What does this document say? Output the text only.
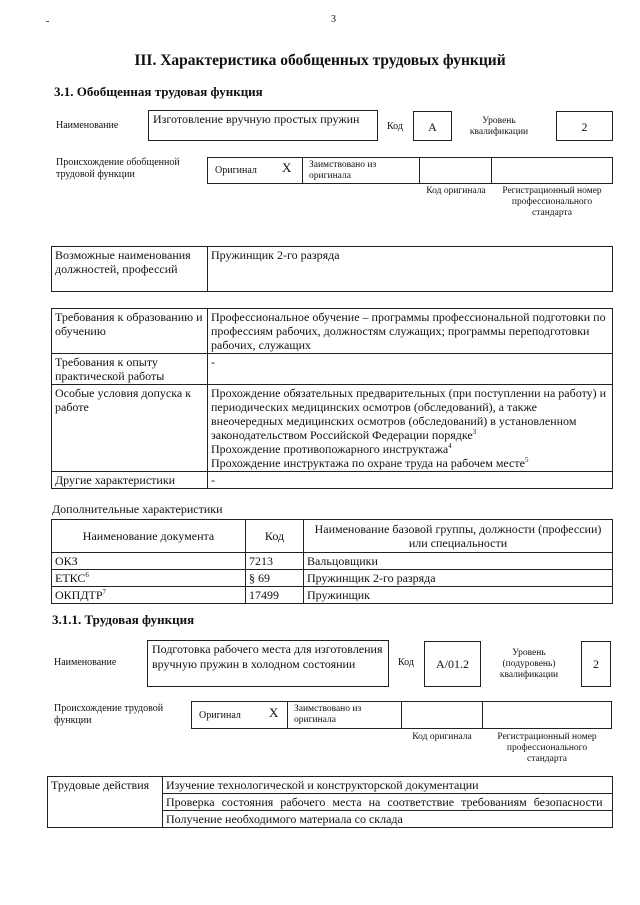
-	3
III. Характеристика обобщенных трудовых функций
3.1. Обобщенная трудовая функция
Наименование	Изготовление вручную простых пружин
Код	А	Уровень квалификации	2
Происхождение обобщенной трудовой функции	Оригинал X	Заимствовано из оригинала
Код оригинала Регистрационный номер профессионального стандарта
Возможные наименования должностей, профессий	Пружинщик 2-го разряда
Требования к образованию и обучению	Профессиональное обучение – программы профессиональной подготовки по профессиям рабочих, должностям служащих; программы переподготовки рабочих, служащих
Требования к опыту практической работы	-
Особые условия допуска к работе	Прохождение обязательных предварительных (при поступлении на работу) и периодических медицинских осмотров (обследований), а также внеочередных медицинских осмотров (обследований) в установленном законодательством Российской Федерации порядке$^3$
Прохождение противопожарного инструктажа$^4$
Прохождение инструктажа по охране труда на рабочем месте$^5$
Другие характеристики	-
Дополнительные характеристики
Наименование документа	Код	Наименование базовой группы, должности (профессии) или специальности
ОКЗ	7213	Вальцовщики
ЕТКС$^6$	§ 69	Пружинщик 2-го разряда
ОКПДТР$^7$	17499	Пружинщик
3.1.1. Трудовая функция
Наименование
Подготовка рабочего места для изготовления вручную пружин в холодном состоянии	Код	А/01.2
Уровень (подуровень) квалификации
2
Происхождение трудовой функции	Оригинал X	Заимствовано из оригинала
Код оригинала	Регистрационный номер профессионального стандарта
Трудовые действия	Изучение технологической и конструкторской документации
Проверка состояния рабочего места на соответствие требованиям безопасности
Получение необходимого материала со склада
